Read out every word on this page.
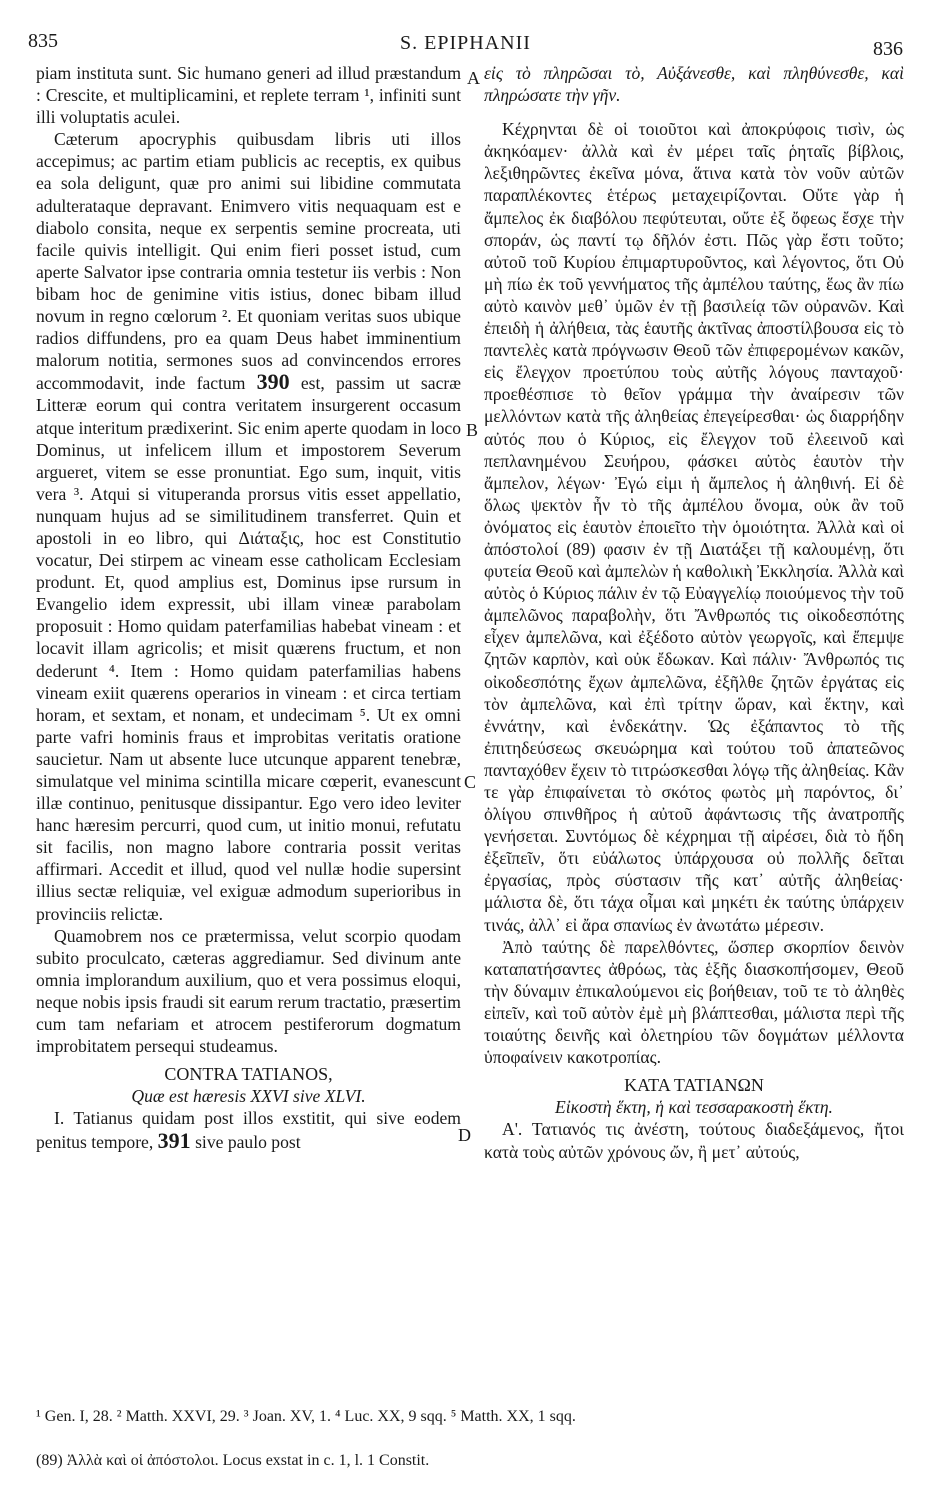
835	S. EPIPHANII	836
A
B
C
D

piam instituta sunt. Sic humano generi ad illud præstandum : Crescite, et multiplicamini, et replete terram ¹, infiniti sunt illi voluptatis aculei.

Cæterum apocryphis quibusdam libris uti illos accepimus; ac partim etiam publicis ac receptis, ex quibus ea sola deligunt, quæ pro animi sui libidine commutata adulterataque depravant. Enimvero vitis nequaquam est e diabolo consita, neque ex serpentis semine procreata, uti facile quivis intelligit. Qui enim fieri posset istud, cum aperte Salvator ipse contraria omnia testetur iis verbis : Non bibam hoc de genimine vitis istius, donec bibam illud novum in regno cœlorum ². Et quoniam veritas suos ubique radios diffundens, pro ea quam Deus habet imminentium malorum notitia, sermones suos ad convincendos errores accommodavit, inde factum 390 est, passim ut sacræ Litteræ eorum qui contra veritatem insurgerent occasum atque interitum prædixerint. Sic enim aperte quodam in loco Dominus, ut infelicem illum et impostorem Severum argueret, vitem se esse pronuntiat. Ego sum, inquit, vitis vera ³. Atqui si vituperanda prorsus vitis esset appellatio, nunquam hujus ad se similitudinem transferret. Quin et apostoli in eo libro, qui Διάταξις, hoc est Constitutio vocatur, Dei stirpem ac vineam esse catholicam Ecclesiam produnt. Et, quod amplius est, Dominus ipse rursum in Evangelio idem expressit, ubi illam vineæ parabolam proposuit : Homo quidam paterfamilias habebat vineam : et locavit illam agricolis; et misit quærens fructum, et non dederunt ⁴. Item : Homo quidam paterfamilias habens vineam exiit quærens operarios in vineam : et circa tertiam horam, et sextam, et nonam, et undecimam ⁵. Ut ex omni parte vafri hominis fraus et improbitas veritatis oratione saucietur. Nam ut absente luce utcunque apparent tenebræ, simulatque vel minima scintilla micare cœperit, evanescunt illæ continuo, penitusque dissipantur. Ego vero ideo leviter hanc hæresim percurri, quod cum, ut initio monui, refutatu sit facilis, non magno labore contraria possit veritas affirmari. Accedit et illud, quod vel nullæ hodie supersint illius sectæ reliquiæ, vel exiguæ admodum superioribus in provinciis relictæ.

Quamobrem nos ce prætermissa, velut scorpio quodam subito proculcato, cæteras aggrediamur. Sed divinum ante omnia implorandum auxilium, quo et vera possimus eloqui, neque nobis ipsis fraudi sit earum rerum tractatio, præsertim cum tam nefariam et atrocem pestiferorum dogmatum improbitatem persequi studeamus.

CONTRA TATIANOS,

Quæ est hæresis XXVI sive XLVI.

I. Tatianus quidam post illos exstitit, qui sive eodem penitus tempore, 391 sive paulo post

εἰς τὸ πληρῶσαι τὸ, Αὐξάνεσθε, καὶ πληθύνεσθε, καὶ πληρώσατε τὴν γῆν.

Κέχρηνται δὲ οἱ τοιοῦτοι καὶ ἀποκρύφοις τισὶν, ὡς ἀκηκόαμεν· ἀλλὰ καὶ ἐν μέρει ταῖς ῥηταῖς βίβλοις, λεξιθηρῶντες ἐκεῖνα μόνα, ἅτινα κατὰ τὸν νοῦν αὐτῶν παραπλέκοντες ἑτέρως μεταχειρίζονται. Οὔτε γὰρ ἡ ἄμπελος ἐκ διαβόλου πεφύτευται, οὔτε ἐξ ὄφεως ἔσχε τὴν σποράν, ὡς παντί τῳ δῆλόν ἐστι. Πῶς γὰρ ἔστι τοῦτο; αὐτοῦ τοῦ Κυρίου ἐπιμαρτυροῦντος, καὶ λέγοντος, ὅτι Οὐ μὴ πίω ἐκ τοῦ γεννήματος τῆς ἀμπέλου ταύτης, ἕως ἂν πίω αὐτὸ καινὸν μεθ᾽ ὑμῶν ἐν τῇ βασιλείᾳ τῶν οὐρανῶν. Καὶ ἐπειδὴ ἡ ἀλήθεια, τὰς ἑαυτῆς ἀκτῖνας ἀποστίλβουσα εἰς τὸ παντελὲς κατὰ πρόγνωσιν Θεοῦ τῶν ἐπιφερομένων κακῶν, εἰς ἔλεγχον προετύπου τοὺς αὐτῆς λόγους πανταχοῦ· προεθέσπισε τὸ θεῖον γράμμα τὴν ἀναίρεσιν τῶν μελλόντων κατὰ τῆς ἀληθείας ἐπεγείρεσθαι· ὡς διαρρήδην αὐτός που ὁ Κύριος, εἰς ἔλεγχον τοῦ ἐλεεινοῦ καὶ πεπλανημένου Σευήρου, φάσκει αὐτὸς ἑαυτὸν τὴν ἄμπελον, λέγων· Ἐγώ εἰμι ἡ ἄμπελος ἡ ἀληθινή. Εἰ δὲ ὅλως ψεκτὸν ἦν τὸ τῆς ἀμπέλου ὄνομα, οὐκ ἂν τοῦ ὀνόματος εἰς ἑαυτὸν ἐποιεῖτο τὴν ὁμοιότητα. Ἀλλὰ καὶ οἱ ἀπόστολοί (89) φασιν ἐν τῇ Διατάξει τῇ καλουμένῃ, ὅτι φυτεία Θεοῦ καὶ ἀμπελὼν ἡ καθολικὴ Ἐκκλησία. Ἀλλὰ καὶ αὐτὸς ὁ Κύριος πάλιν ἐν τῷ Εὐαγγελίῳ ποιούμενος τὴν τοῦ ἀμπελῶνος παραβολὴν, ὅτι Ἄνθρωπός τις οἰκοδεσπότης εἶχεν ἀμπελῶνα, καὶ ἐξέδοτο αὐτὸν γεωργοῖς, καὶ ἔπεμψε ζητῶν καρπὸν, καὶ οὐκ ἔδωκαν. Καὶ πάλιν· Ἄνθρωπός τις οἰκοδεσπότης ἔχων ἀμπελῶνα, ἐξῆλθε ζητῶν ἐργάτας εἰς τὸν ἀμπελῶνα, καὶ ἐπὶ τρίτην ὥραν, καὶ ἕκτην, καὶ ἐννάτην, καὶ ἑνδεκάτην. Ὡς ἐξάπαντος τὸ τῆς ἐπιτηδεύσεως σκευώρημα καὶ τούτου τοῦ ἀπατεῶνος πανταχόθεν ἔχειν τὸ τιτρώσκεσθαι λόγῳ τῆς ἀληθείας. Κἂν τε γὰρ ἐπιφαίνεται τὸ σκότος φωτὸς μὴ παρόντος, δι᾽ ὀλίγου σπινθῆρος ἡ αὐτοῦ ἀφάντωσις τῆς ἀνατροπῆς γενήσεται. Συντόμως δὲ κέχρημαι τῇ αἱρέσει, διὰ τὸ ἤδη ἐξεῖπεῖν, ὅτι εὐάλωτος ὑπάρχουσα οὐ πολλῆς δεῖται ἐργασίας, πρὸς σύστασιν τῆς κατ᾽ αὐτῆς ἀληθείας· μάλιστα δὲ, ὅτι τάχα οἶμαι καὶ μηκέτι ἐκ ταύτης ὑπάρχειν τινάς, ἀλλ᾽ εἰ ἄρα σπανίως ἐν ἀνωτάτω μέρεσιν.

Ἀπὸ ταύτης δὲ παρελθόντες, ὥσπερ σκορπίον δεινὸν καταπατήσαντες ἀθρόως, τὰς ἑξῆς διασκοπήσομεν, Θεοῦ τὴν δύναμιν ἐπικαλούμενοι εἰς βοήθειαν, τοῦ τε τὸ ἀληθὲς εἰπεῖν, καὶ τοῦ αὐτὸν ἐμὲ μὴ βλάπτεσθαι, μάλιστα περὶ τῆς τοιαύτης δεινῆς καὶ ὀλετηρίου τῶν δογμάτων μέλλοντα ὑποφαίνειν κακοτροπίας.

ΚΑΤΑ ΤΑΤΙΑΝΩΝ

Εἰκοστὴ ἕκτη, ἡ καὶ τεσσαρακοστὴ ἕκτη.

Α'. Τατιανός τις ἀνέστη, τούτους διαδεξάμενος, ἤτοι κατὰ τοὺς αὐτῶν χρόνους ὤν, ἢ μετ᾽ αὐτούς,

¹ Gen. I, 28. ² Matth. XXVI, 29. ³ Joan. XV, 1. ⁴ Luc. XX, 9 sqq. ⁵ Matth. XX, 1 sqq.
(89) Ἀλλὰ καὶ οἱ ἀπόστολοι. Locus exstat in c. 1, l. 1 Constit.
